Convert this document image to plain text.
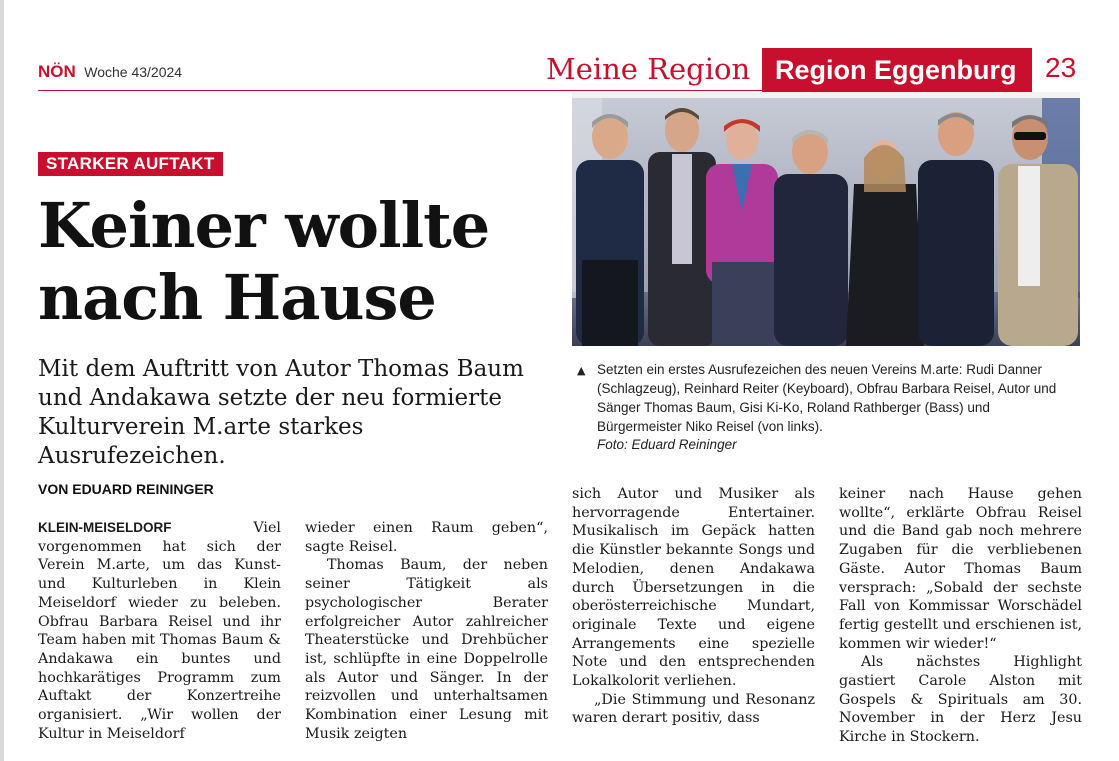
NÖN Woche 43/2024	Meine Region Region Eggenburg 23
STARKER AUFTAKT
Keiner wollte nach Hause

Mit dem Auftritt von Autor Thomas Baum und Andakawa setzte der neu formierte Kulturverein M.arte starkes Ausrufezeichen.

▲ Setzten ein erstes Ausrufezeichen des neuen Vereins M.arte: Rudi Danner (Schlagzeug), Reinhard Reiter (Keyboard), Obfrau Barbara Reisel, Autor und Sänger Thomas Baum, Gisi Ki-Ko, Roland Rathberger (Bass) und Bürgermeister Niko Reisel (von links).
Foto: Eduard Reininger
VON EDUARD REININGER

KLEIN-MEISELDORF	Viel vorgenommen hat sich der Verein M.arte, um das Kunst- und Kulturleben in Klein Meiseldorf wieder zu beleben. Obfrau Barbara Reisel und ihr Team haben mit Thomas Baum & Andakawa ein buntes und hochkarätiges Programm zum Auftakt der Konzertreihe organisiert. „Wir wollen der Kultur in Meiseldorf

wieder einen Raum geben“, sagte Reisel.

Thomas Baum, der neben seiner Tätigkeit als psychologischer Berater erfolgreicher Autor zahlreicher Theaterstücke und Drehbücher ist, schlüpfte in eine Doppelrolle als Autor und Sänger. In der reizvollen und unterhaltsamen Kombination einer Lesung mit Musik zeigten

sich Autor und Musiker als hervorragende Entertainer. Musikalisch im Gepäck hatten die Künstler bekannte Songs und Melodien, denen Andakawa durch Übersetzungen in die oberösterreichische Mundart, originale Texte und eigene Arrangements eine spezielle Note und den entsprechenden Lokalkolorit verliehen.

„Die Stimmung und Resonanz waren derart positiv, dass

keiner nach Hause gehen wollte“, erklärte Obfrau Reisel und die Band gab noch mehrere Zugaben für die verbliebenen Gäste. Autor Thomas Baum versprach: „Sobald der sechste Fall von Kommissar Worschädel fertig gestellt und erschienen ist, kommen wir wieder!“

Als nächstes Highlight gastiert Carole Alston mit Gospels & Spirituals am 30. November in der Herz Jesu Kirche in Stockern.
